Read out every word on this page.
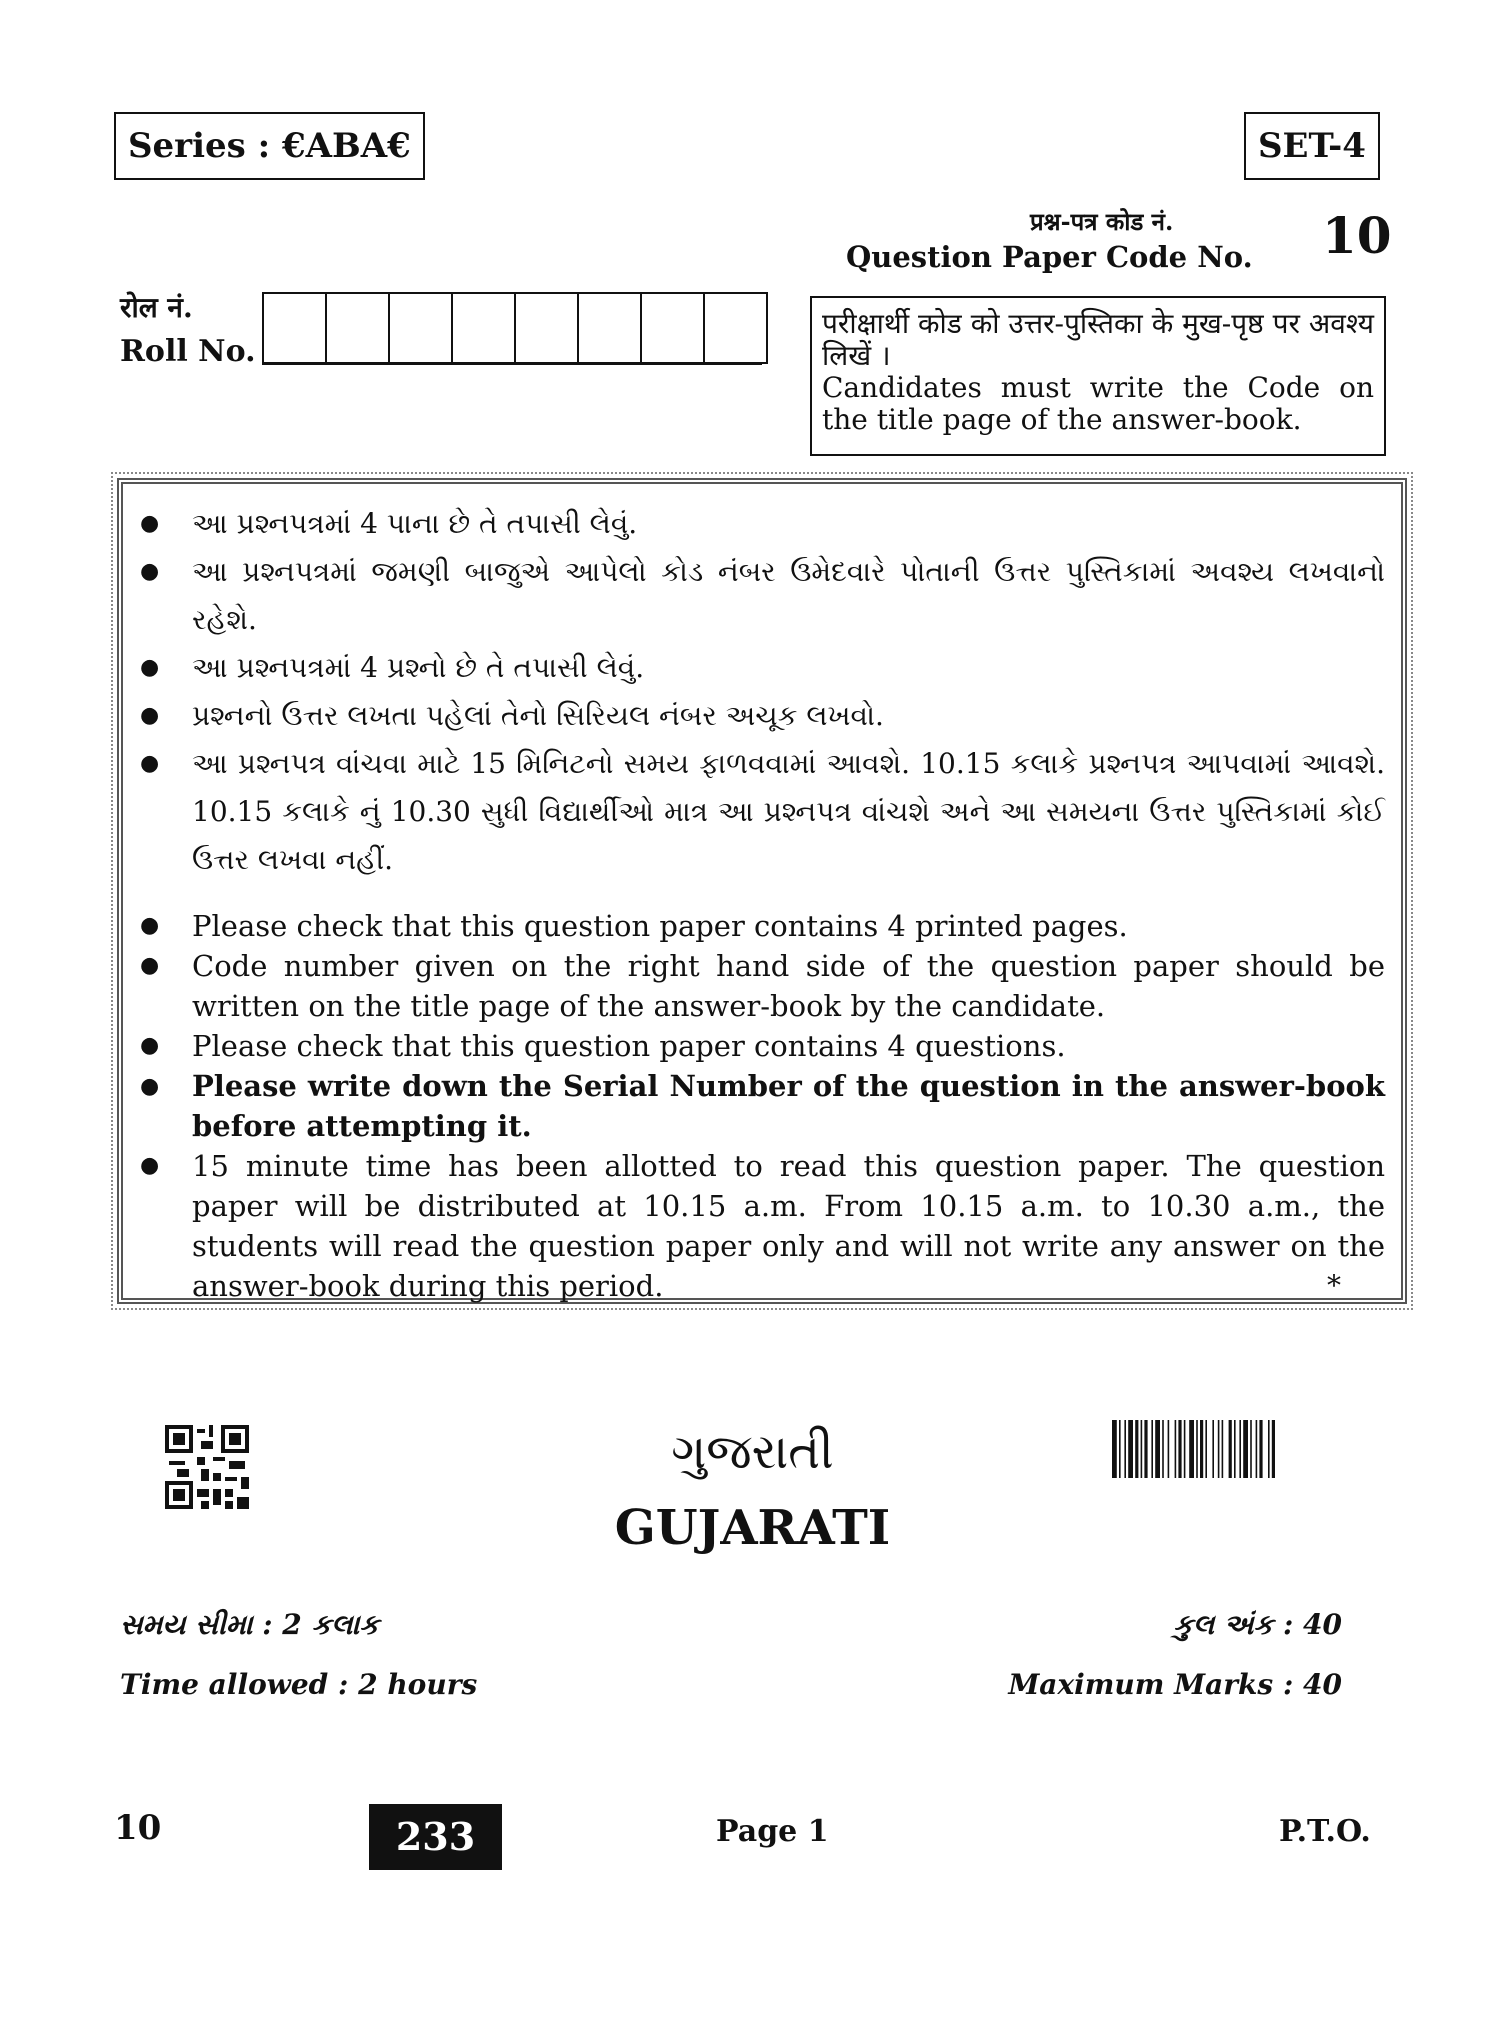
Series : €ABA€	SET-4
प्रश्न-पत्र कोड नं.
Question Paper Code No. 10
रोल नं.
Roll No.

परीक्षार्थी कोड को उत्तर-पुस्तिका के मुख-पृष्ठ पर अवश्य लिखें ।

Candidates must write the Code on the title page of the answer-book.

● આ પ્રશ્નપત્રમાં 4 પાના છે તે તપાસી લેવું.
● આ પ્રશ્નપત્રમાં જમણી બાજુએ આપેલો કોડ નંબર ઉમેદવારે પોતાની ઉત્તર પુસ્તિકામાં અવશ્ય લખવાનો રહેશે.
● આ પ્રશ્નપત્રમાં 4 પ્રશ્નો છે તે તપાસી લેવું.
● પ્રશ્નનો ઉત્તર લખતા પહેલાં તેનો સિરિયલ નંબર અચૂક લખવો.
● આ પ્રશ્નપત્ર વાંચવા માટે 15 મિનિટનો સમય ફાળવવામાં આવશે. 10.15 કલાકે પ્રશ્નપત્ર આપવામાં આવશે. 10.15 કલાકે નું 10.30 સુધી વિદ્યાર્થીઓ માત્ર આ પ્રશ્નપત્ર વાંચશે અને આ સમયના ઉત્તર પુસ્તિકામાં કોઈ ઉત્તર લખવા નહીં.
● Please check that this question paper contains 4 printed pages.
● Code number given on the right hand side of the question paper should be written on the title page of the answer-book by the candidate.
● Please check that this question paper contains 4 questions.
● Please write down the Serial Number of the question in the answer-book before attempting it.
● 15 minute time has been allotted to read this question paper. The question paper will be distributed at 10.15 a.m. From 10.15 a.m. to 10.30 a.m., the students will read the question paper only and will not write any answer on the answer-book during this period.	*
ગુજરાતી
GUJARATI
સમય સીમા : 2 કલાક	કુલ અંક : 40
Time allowed : 2 hours	Maximum Marks : 40
10	233	Page 1	P.T.O.
